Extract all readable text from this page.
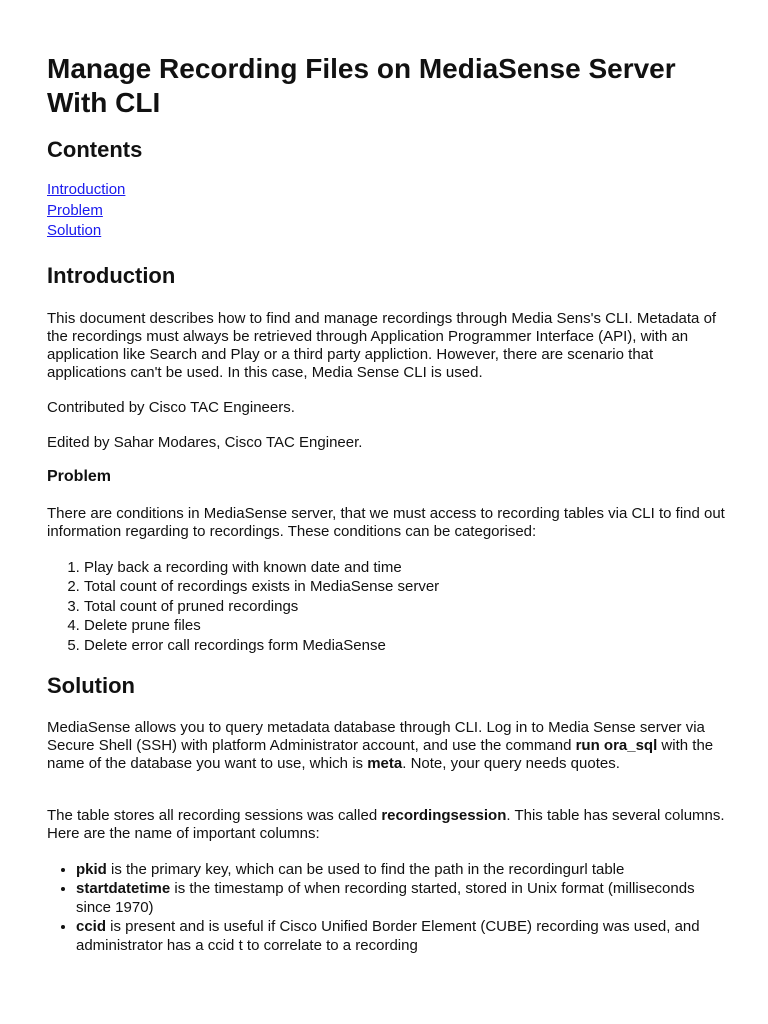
Manage Recording Files on MediaSense Server With CLI
Contents
Introduction
Problem
Solution
Introduction

This document describes how to find and manage recordings through Media Sens's CLI. Metadata of the recordings must always be retrieved through Application Programmer Interface (API), with an application like Search and Play or a third party appliction. However, there are scenario that applications can't be used. In this case, Media Sense CLI is used.

Contributed by Cisco TAC Engineers.

Edited by Sahar Modares, Cisco TAC Engineer.

Problem

There are conditions in MediaSense server, that we must access to recording tables via CLI to find out information regarding to recordings. These conditions can be categorised:

1. Play back a recording with known date and time
2. Total count of recordings exists in MediaSense server
3. Total count of pruned recordings
4. Delete prune files
5. Delete error call recordings form MediaSense
Solution

MediaSense allows you to query metadata database through CLI. Log in to Media Sense server via Secure Shell (SSH) with platform Administrator account, and use the command run ora_sql with the name of the database you want to use, which is meta. Note, your query needs quotes.

The table stores all recording sessions was called recordingsession. This table has several columns. Here are the name of important columns:

• pkid is the primary key, which can be used to find the path in the recordingurl table
• startdatetime is the timestamp of when recording started, stored in Unix format (milliseconds since 1970)
• ccid is present and is useful if Cisco Unified Border Element (CUBE) recording was used, and administrator has a ccid t to correlate to a recording
